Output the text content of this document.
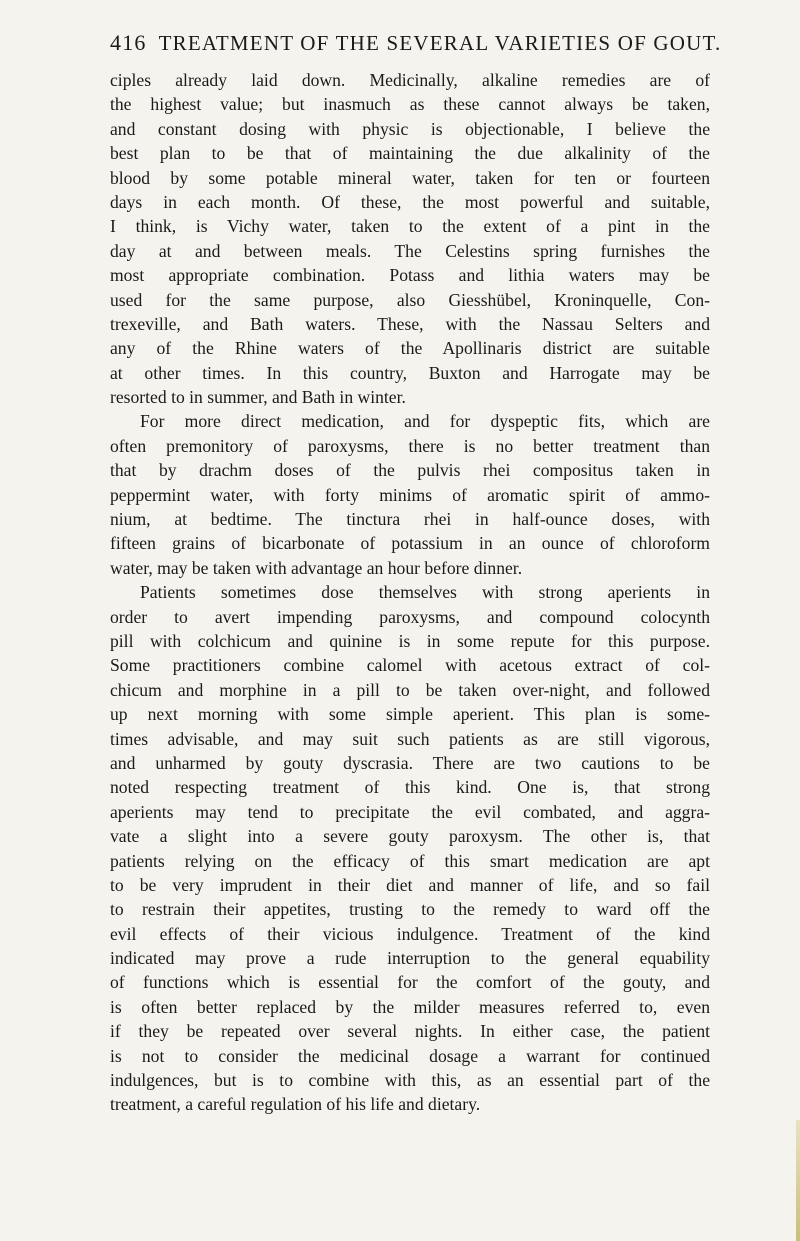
416 TREATMENT OF THE SEVERAL VARIETIES OF GOUT.
ciples already laid down. Medicinally, alkaline remedies are of
the highest value; but inasmuch as these cannot always be taken,
and constant dosing with physic is objectionable, I believe the
best plan to be that of maintaining the due alkalinity of the
blood by some potable mineral water, taken for ten or fourteen
days in each month. Of these, the most powerful and suitable,
I think, is Vichy water, taken to the extent of a pint in the
day at and between meals. The Celestins spring furnishes the
most appropriate combination. Potass and lithia waters may be
used for the same purpose, also Giesshübel, Kroninquelle, Con-
trexeville, and Bath waters. These, with the Nassau Selters and
any of the Rhine waters of the Apollinaris district are suitable
at other times. In this country, Buxton and Harrogate may be
resorted to in summer, and Bath in winter.
For more direct medication, and for dyspeptic fits, which are
often premonitory of paroxysms, there is no better treatment than
that by drachm doses of the pulvis rhei compositus taken in
peppermint water, with forty minims of aromatic spirit of ammo-
nium, at bedtime. The tinctura rhei in half-ounce doses, with
fifteen grains of bicarbonate of potassium in an ounce of chloroform
water, may be taken with advantage an hour before dinner.
Patients sometimes dose themselves with strong aperients in
order to avert impending paroxysms, and compound colocynth
pill with colchicum and quinine is in some repute for this purpose.
Some practitioners combine calomel with acetous extract of col-
chicum and morphine in a pill to be taken over-night, and followed
up next morning with some simple aperient. This plan is some-
times advisable, and may suit such patients as are still vigorous,
and unharmed by gouty dyscrasia. There are two cautions to be
noted respecting treatment of this kind. One is, that strong
aperients may tend to precipitate the evil combated, and aggra-
vate a slight into a severe gouty paroxysm. The other is, that
patients relying on the efficacy of this smart medication are apt
to be very imprudent in their diet and manner of life, and so fail
to restrain their appetites, trusting to the remedy to ward off the
evil effects of their vicious indulgence. Treatment of the kind
indicated may prove a rude interruption to the general equability
of functions which is essential for the comfort of the gouty, and
is often better replaced by the milder measures referred to, even
if they be repeated over several nights. In either case, the patient
is not to consider the medicinal dosage a warrant for continued
indulgences, but is to combine with this, as an essential part of the
treatment, a careful regulation of his life and dietary.
